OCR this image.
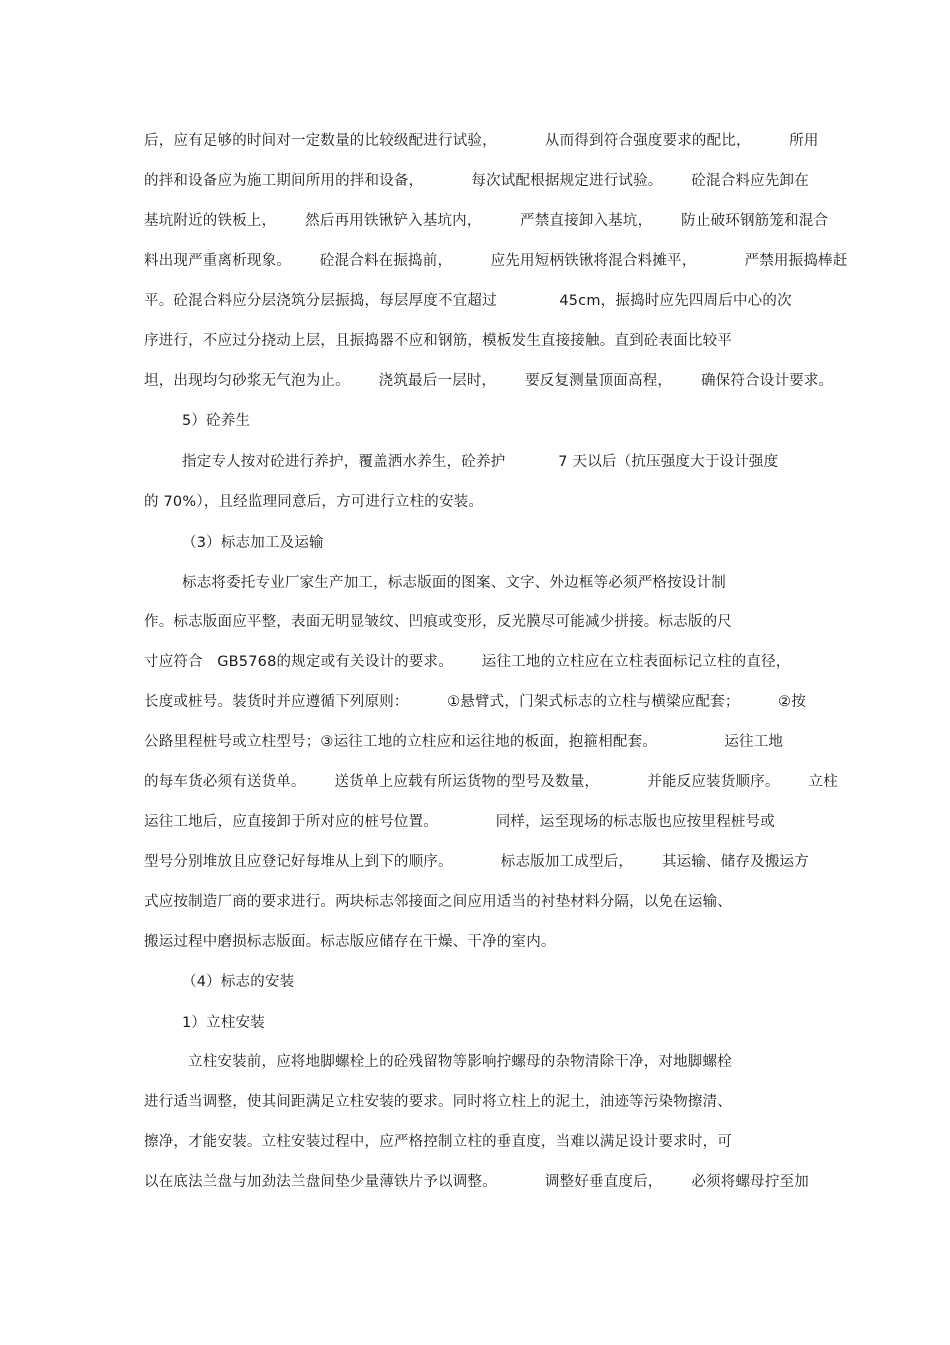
后，应有足够的时间对一定数量的比较级配进行试验，          从而得到符合强度要求的配比，        所用
的拌和设备应为施工期间所用的拌和设备，          每次试配根据规定进行试验。      砼混合料应先卸在
基坑附近的铁板上，      然后再用铁锹铲入基坑内，        严禁直接卸入基坑，      防止破环钢筋笼和混合
料出现严重离析现象。      砼混合料在振捣前，        应先用短柄铁锹将混合料摊平，          严禁用振捣棒赶
平。砼混合料应分层浇筑分层振捣，每层厚度不宜超过             45cm，振捣时应先四周后中心的次
序进行，不应过分挠动上层，且振捣器不应和钢筋，模板发生直接接触。直到砼表面比较平
坦，出现均匀砂浆无气泡为止。      浇筑最后一层时，      要反复测量顶面高程，      确保符合设计要求。
5）砼养生
指定专人按对砼进行养护，覆盖洒水养生，砼养护           7 天以后（抗压强度大于设计强度
的 70%），且经监理同意后，方可进行立柱的安装。
（3）标志加工及运输
标志将委托专业厂家生产加工，标志版面的图案、文字、外边框等必须严格按设计制
作。标志版面应平整，表面无明显皱纹、凹痕或变形，反光膜尽可能减少拼接。标志版的尺
寸应符合   GB5768的规定或有关设计的要求。      运往工地的立柱应在立柱表面标记立柱的直径，
长度或桩号。装货时并应遵循下列原则：        ①悬臂式，门架式标志的立柱与横梁应配套；        ②按
公路里程桩号或立柱型号；③运往工地的立柱应和运往地的板面，抱箍相配套。              运往工地
的每车货必须有送货单。      送货单上应载有所运货物的型号及数量，          并能反应装货顺序。      立柱
运往工地后，应直接卸于所对应的桩号位置。            同样，运至现场的标志版也应按里程桩号或
型号分别堆放且应登记好每堆从上到下的顺序。          标志版加工成型后，      其运输、储存及搬运方
式应按制造厂商的要求进行。两块标志邻接面之间应用适当的衬垫材料分隔，以免在运输、
搬运过程中磨损标志版面。标志版应储存在干燥、干净的室内。
（4）标志的安装
1）立柱安装
立柱安装前，应将地脚螺栓上的砼残留物等影响拧螺母的杂物清除干净，对地脚螺栓
进行适当调整，使其间距满足立柱安装的要求。同时将立柱上的泥土，油迹等污染物擦清、
擦净，才能安装。立柱安装过程中，应严格控制立柱的垂直度，当难以满足设计要求时，可
以在底法兰盘与加劲法兰盘间垫少量薄铁片予以调整。          调整好垂直度后，      必须将螺母拧至加
